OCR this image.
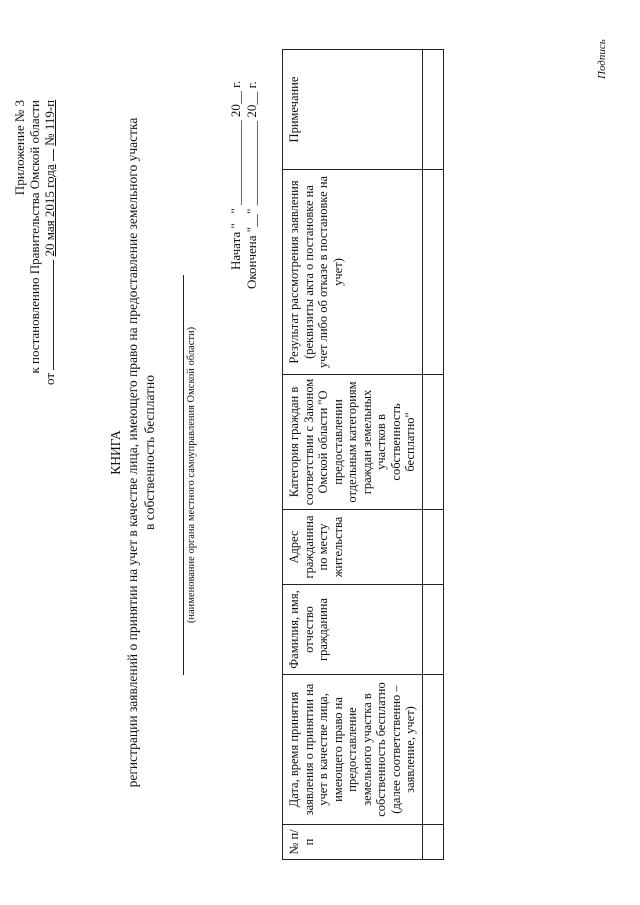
Приложение № 3 к постановлению Правительства Омской области
от  20 мая 2015 года  № 119-п
КНИГА регистрации заявлений о принятии на учет в качестве лица, имеющего право на предоставление земельного участка в собственность бесплатно	(наименование органа местного самоуправления Омской области)
Начата "   " _____________ 20__ г. Окончена "__" _____________ 20__ г.
№ п/п	Дата, время принятия заявления о принятии на учет в качестве лица, имеющего право на предоставление земельного участка в собственность бесплатно (далее соответственно – заявление, учет)	Фамилия, имя, отчество гражданина	Адрес гражданина по месту жительства	Категория граждан в соответствии с Законом Омской области "О предоставлении отдельным категориям граждан земельных участков в собственность бесплатно"	Результат рассмотрения заявления (реквизиты акта о постановке на учет либо об отказе в постановке на учет)	Примечание

Подпись
